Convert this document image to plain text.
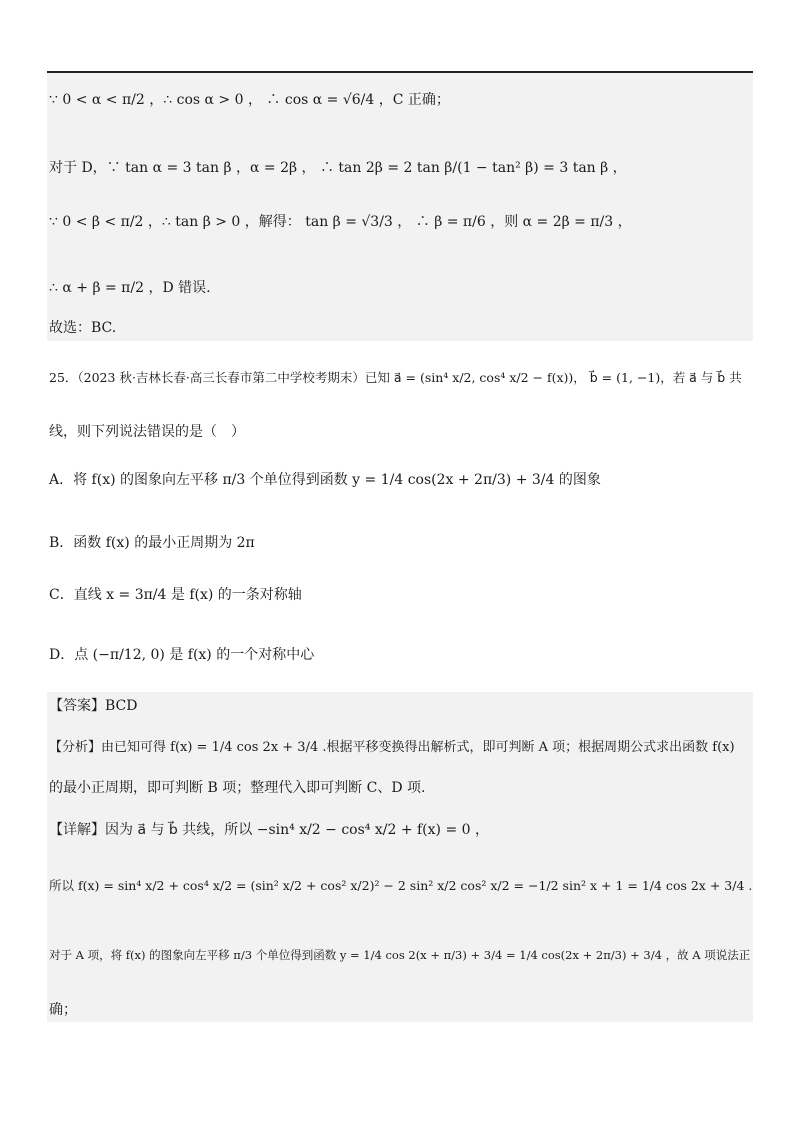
∵ 0 < α < π/2 ，∴ cos α > 0 ， ∴ cos α = √6/4 ，C 正确；
对于 D，∵ tan α = 3 tan β ，α = 2β ， ∴ tan 2β = 2 tan β/(1 − tan² β) = 3 tan β ，
∵ 0 < β < π/2 ，∴ tan β > 0 ，解得： tan β = √3/3 ， ∴ β = π/6 ，则 α = 2β = π/3 ，
∴ α + β = π/2 ，D 错误.
故选：BC.
25．（2023 秋·吉林长春·高三长春市第二中学校考期末）已知 a⃗ = (sin⁴ x/2, cos⁴ x/2 − f(x))， b⃗ = (1, −1)，若 a⃗ 与 b⃗ 共
线，则下列说法错误的是（　）
A．将 f(x) 的图象向左平移 π/3 个单位得到函数 y = 1/4 cos(2x + 2π/3) + 3/4 的图象
B．函数 f(x) 的最小正周期为 2π
C．直线 x = 3π/4 是 f(x) 的一条对称轴
D．点 (−π/12, 0) 是 f(x) 的一个对称中心
【答案】BCD
【分析】由已知可得 f(x) = 1/4 cos 2x + 3/4 .根据平移变换得出解析式，即可判断 A 项；根据周期公式求出函数 f(x)
的最小正周期，即可判断 B 项；整理代入即可判断 C、D 项.
【详解】因为 a⃗ 与 b⃗ 共线，所以 −sin⁴ x/2 − cos⁴ x/2 + f(x) = 0 ，
所以 f(x) = sin⁴ x/2 + cos⁴ x/2 = (sin² x/2 + cos² x/2)² − 2 sin² x/2 cos² x/2 = −1/2 sin² x + 1 = 1/4 cos 2x + 3/4 .
对于 A 项，将 f(x) 的图象向左平移 π/3 个单位得到函数 y = 1/4 cos 2(x + π/3) + 3/4 = 1/4 cos(2x + 2π/3) + 3/4 ，故 A 项说法正
确；
